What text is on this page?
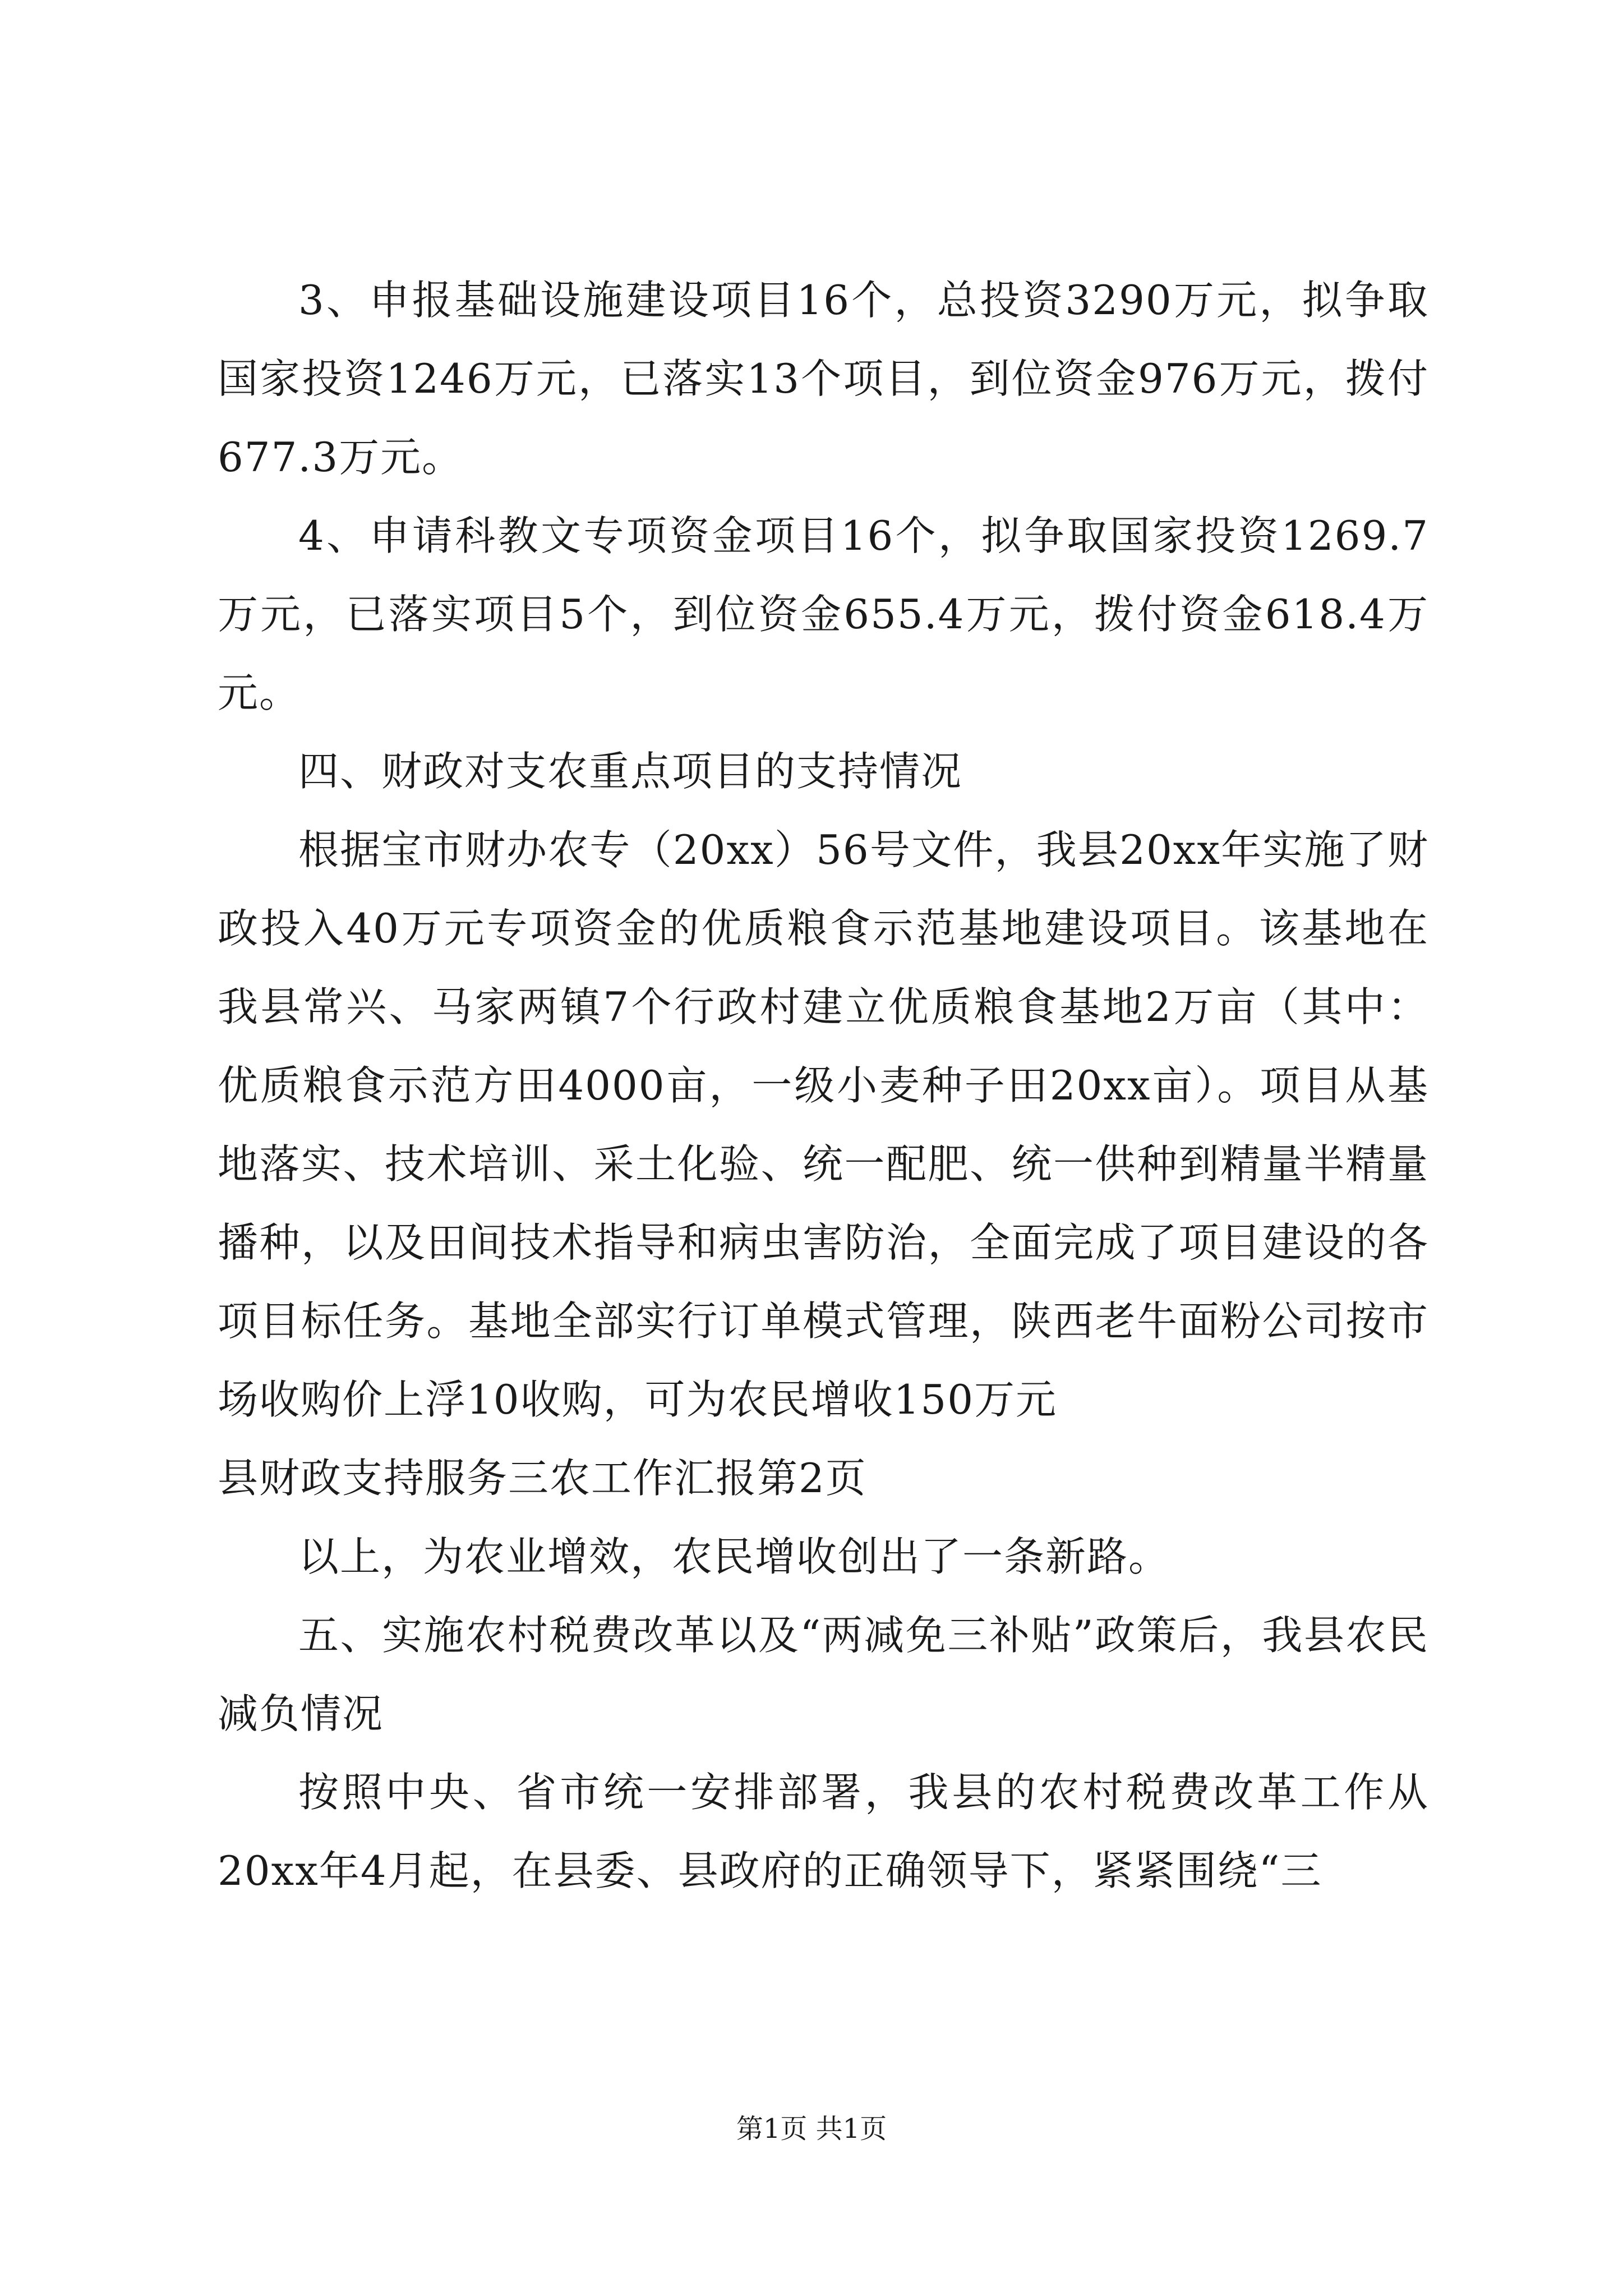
3、申报基础设施建设项目16个，总投资3290万元，拟争取国家投资1246万元，已落实13个项目，到位资金976万元，拨付677.3万元。

4、申请科教文专项资金项目16个，拟争取国家投资1269.7万元，已落实项目5个，到位资金655.4万元，拨付资金618.4万元。

四、财政对支农重点项目的支持情况

根据宝市财办农专（20xx）56号文件，我县20xx年实施了财政投入40万元专项资金的优质粮食示范基地建设项目。该基地在我县常兴、马家两镇7个行政村建立优质粮食基地2万亩（其中：优质粮食示范方田4000亩，一级小麦种子田20xx亩）。项目从基地落实、技术培训、采土化验、统一配肥、统一供种到精量半精量播种，以及田间技术指导和病虫害防治，全面完成了项目建设的各项目标任务。基地全部实行订单模式管理，陕西老牛面粉公司按市场收购价上浮10收购，可为农民增收150万元

县财政支持服务三农工作汇报第2页

以上，为农业增效，农民增收创出了一条新路。

五、实施农村税费改革以及“两减免三补贴”政策后，我县农民减负情况

按照中央、省市统一安排部署，我县的农村税费改革工作从20xx年4月起，在县委、县政府的正确领导下，紧紧围绕“三

第1页 共1页
